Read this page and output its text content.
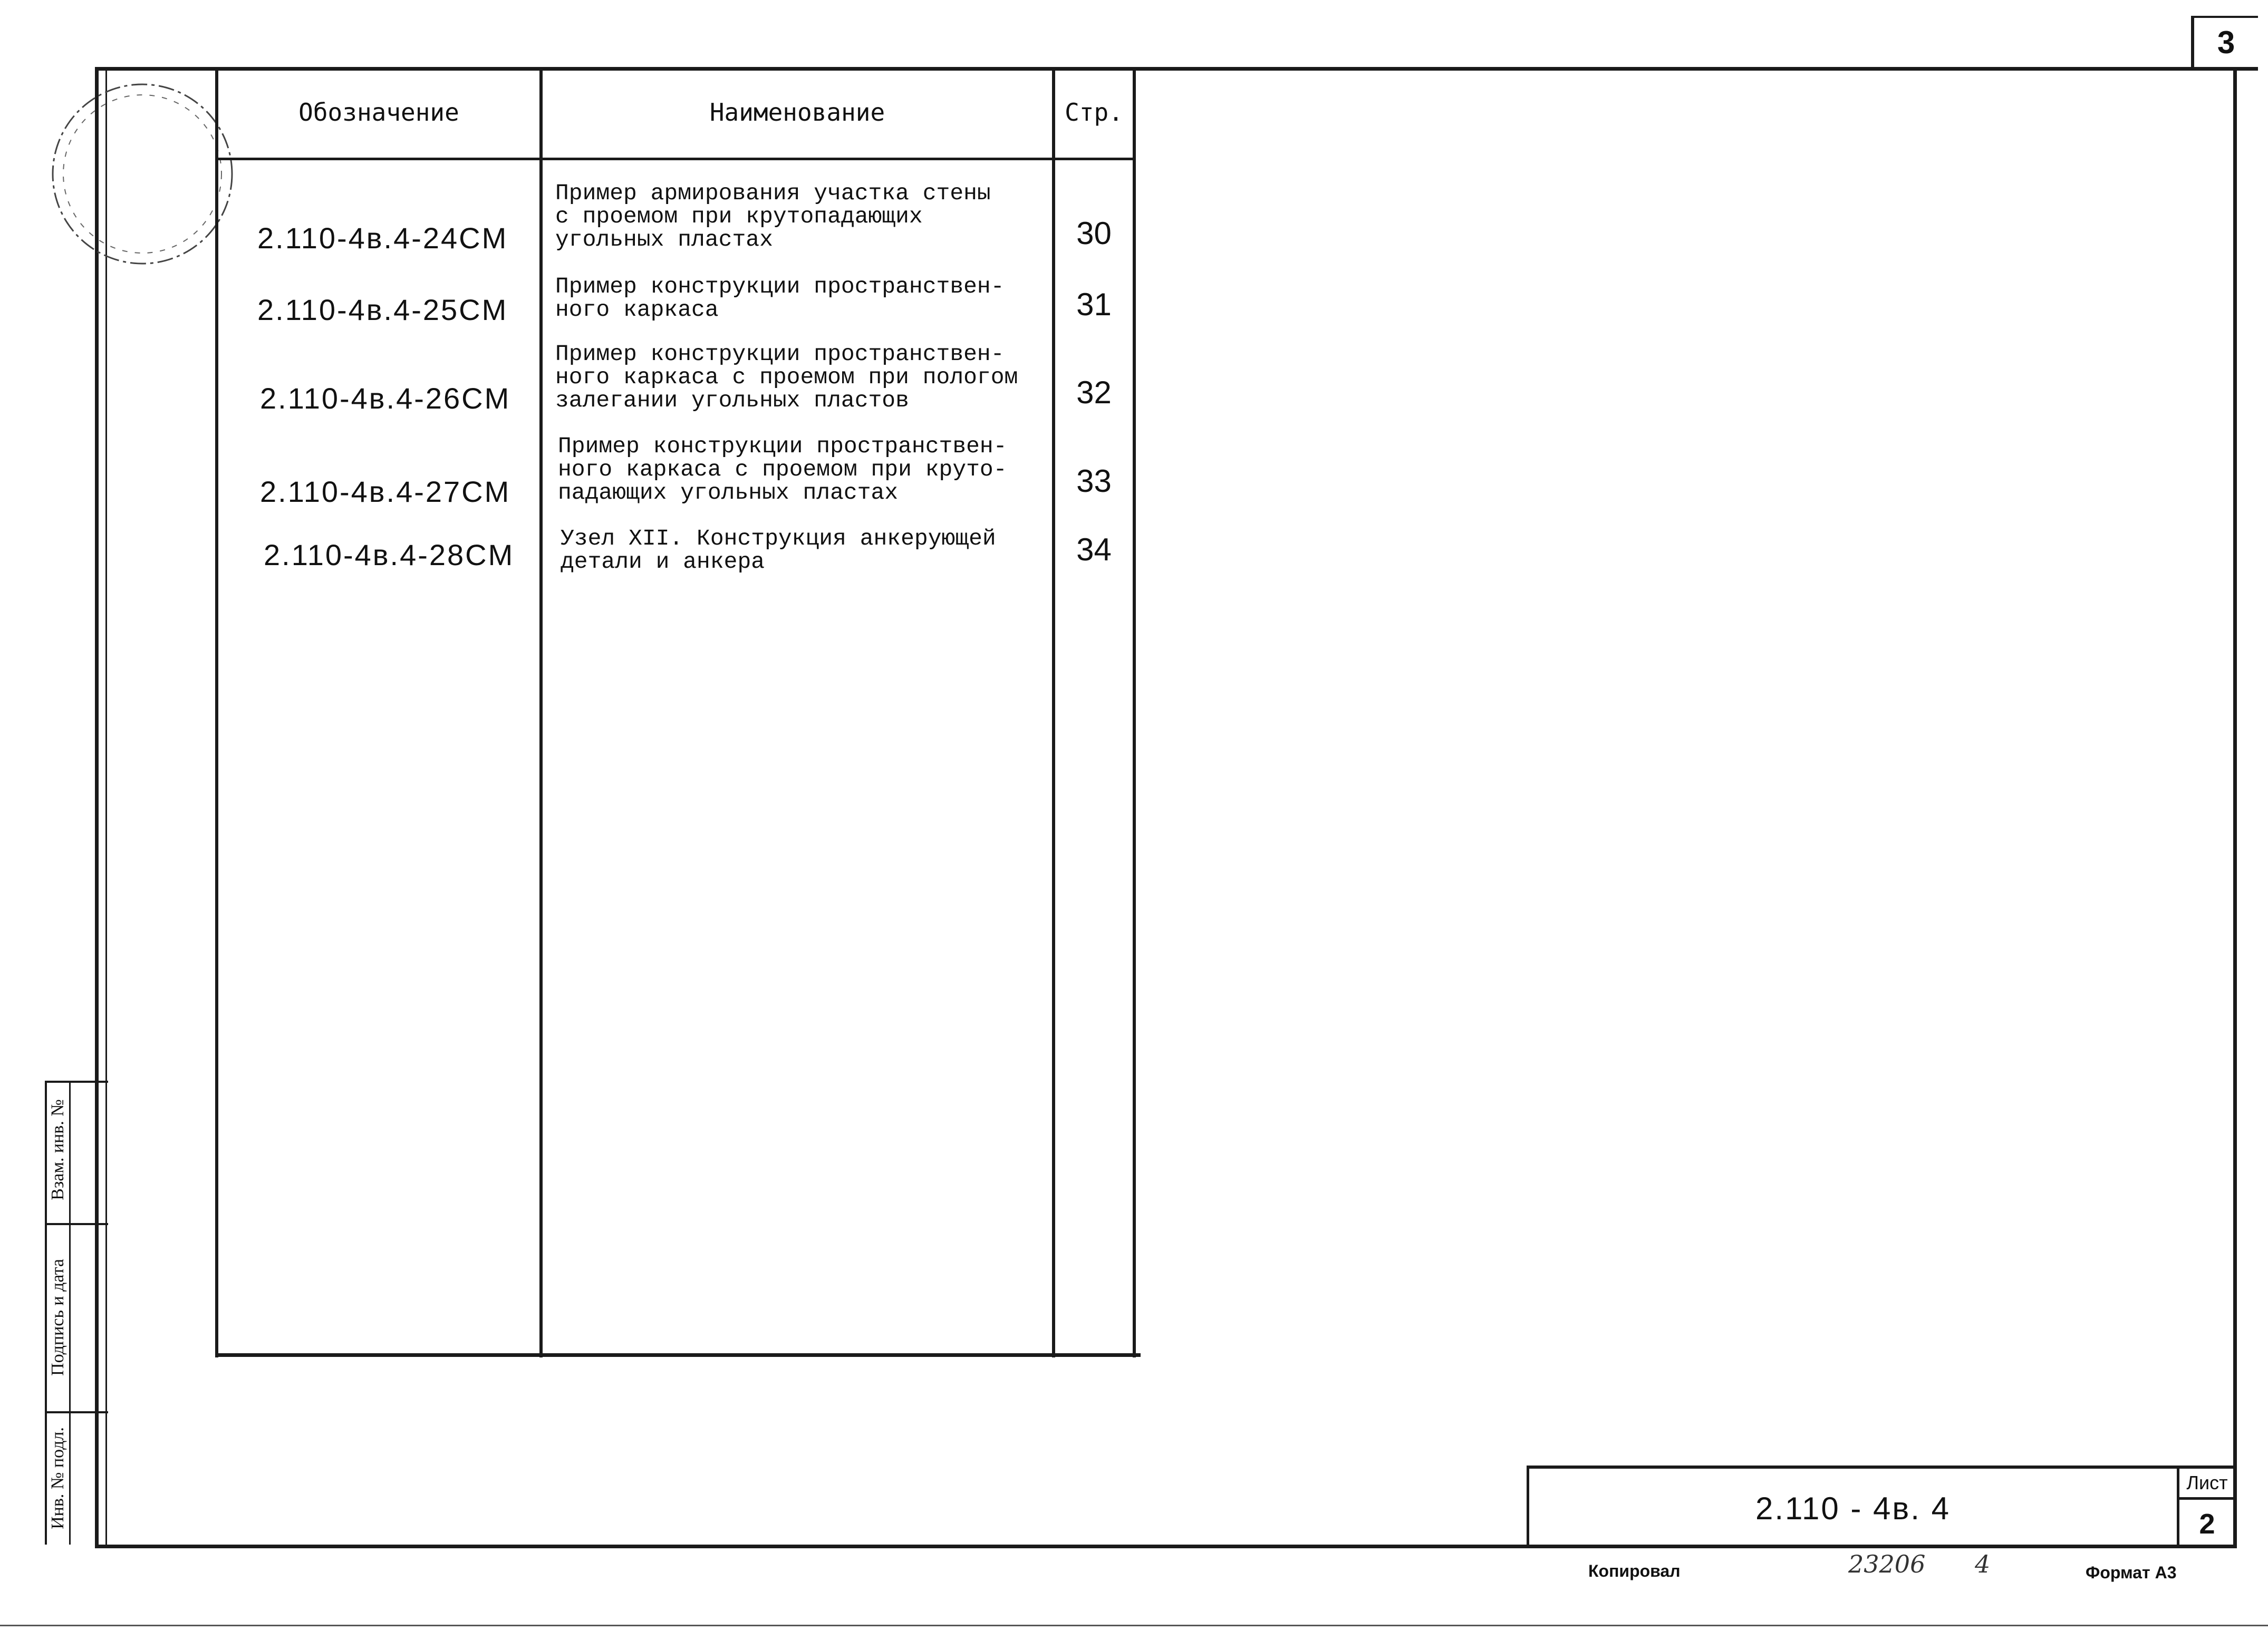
3
Обозначение	Наименование	Стр.
2.110-4в.4-24CM
Пример армирования участка стены
с проемом при крутопадающих
угольных пластах	30
2.110-4в.4-25CM
Пример конструкции пространствен-
ного каркаса	31
2.110-4в.4-26CM
Пример конструкции пространствен-
ного каркаса с проемом при пологом
залегании угольных пластов	32
2.110-4в.4-27CM
Пример конструкции пространствен-
ного каркаса с проемом при круто-
падающих угольных пластах	33
2.110-4в.4-28CM Узел XII. Конструкция анкерующей
детали и анкера	34
Взам. инв. №
Подпись и дата
Инв. № подл.	2.110 - 4в. 4
Лист
2
Копировал	23206 4	Формат А3
